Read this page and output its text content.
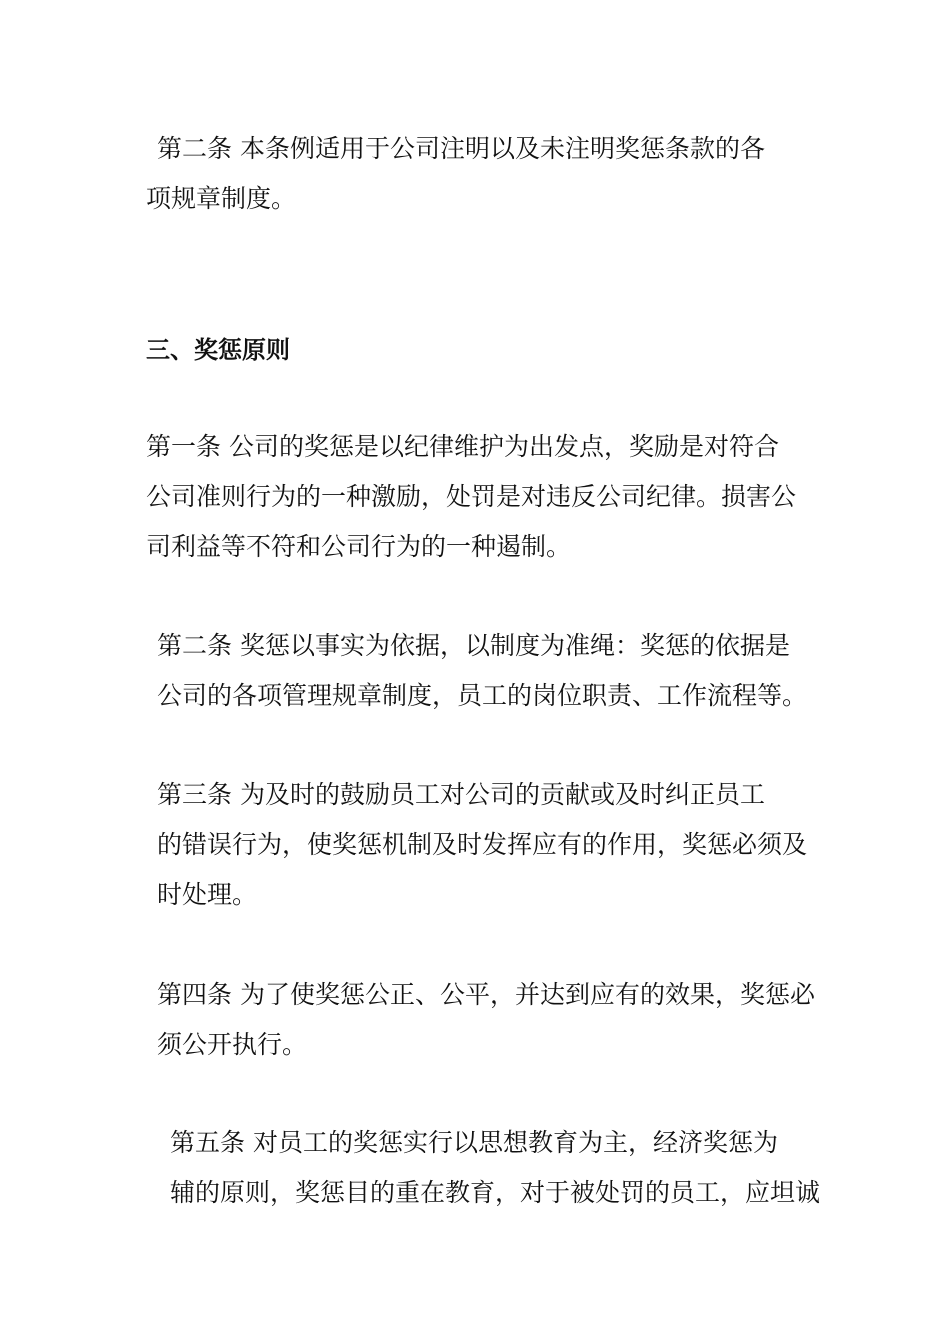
第二条 本条例适用于公司注明以及未注明奖惩条款的各
项规章制度。
三、奖惩原则
第一条 公司的奖惩是以纪律维护为出发点，奖励是对符合
公司准则行为的一种激励，处罚是对违反公司纪律。损害公
司利益等不符和公司行为的一种遏制。
第二条 奖惩以事实为依据，以制度为准绳：奖惩的依据是
公司的各项管理规章制度，员工的岗位职责、工作流程等。
第三条 为及时的鼓励员工对公司的贡献或及时纠正员工
的错误行为，使奖惩机制及时发挥应有的作用，奖惩必须及
时处理。
第四条 为了使奖惩公正、公平，并达到应有的效果，奖惩必
须公开执行。
第五条 对员工的奖惩实行以思想教育为主，经济奖惩为
辅的原则，奖惩目的重在教育，对于被处罚的员工，应坦诚
